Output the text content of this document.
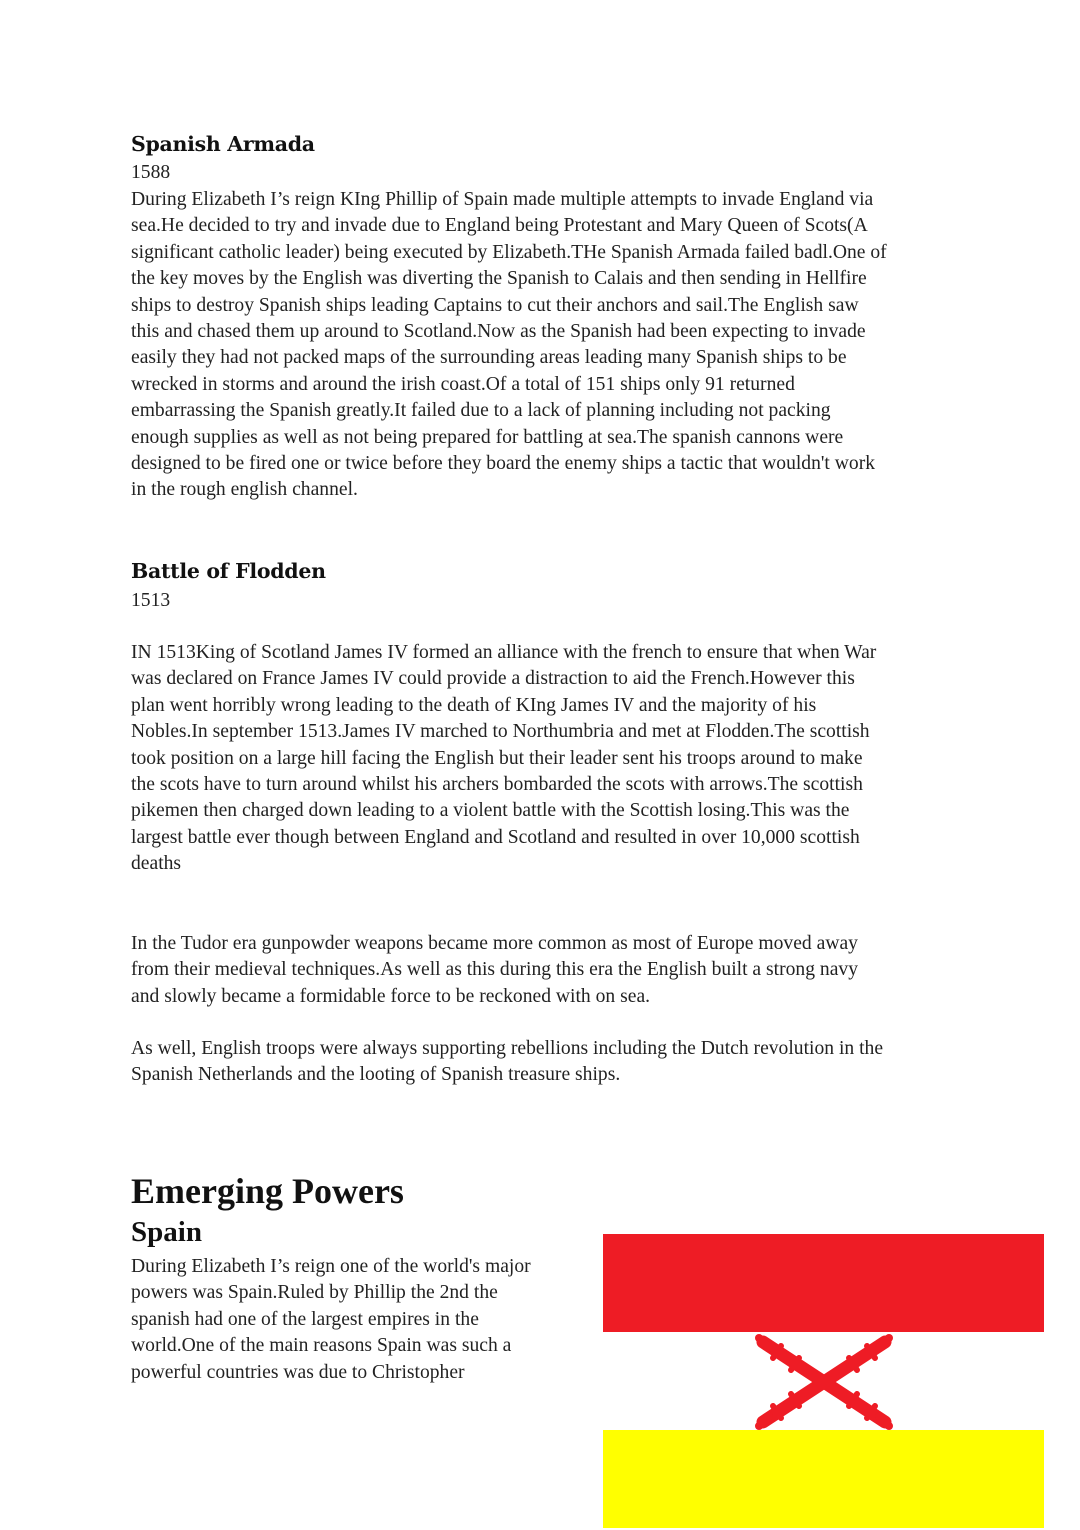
Spanish Armada
1588

During Elizabeth I’s reign KIng Phillip of Spain made multiple attempts to invade England via
sea.He decided to try and invade due to England being Protestant and Mary Queen of Scots(A
significant catholic leader) being executed by Elizabeth.THe Spanish Armada failed badl.One of
the key moves by the English was diverting the Spanish to Calais and then sending in Hellfire
ships to destroy Spanish ships leading Captains to cut their anchors and sail.The English saw
this and chased them up around to Scotland.Now as the Spanish had been expecting to invade
easily they had not packed maps of the surrounding areas leading many Spanish ships to be
wrecked in storms and around the irish coast.Of a total of 151 ships only 91 returned
embarrassing the Spanish greatly.It failed due to a lack of planning including not packing
enough supplies as well as not being prepared for battling at sea.The spanish cannons were
designed to be fired one or twice before they board the enemy ships a tactic that wouldn't work
in the rough english channel.

Battle of Flodden
1513

IN 1513King of Scotland James IV formed an alliance with the french to ensure that when War
was declared on France James IV could provide a distraction to aid the French.However this
plan went horribly wrong leading to the death of KIng James IV and the majority of his
Nobles.In september 1513.James IV marched to Northumbria and met at Flodden.The scottish
took position on a large hill facing the English but their leader sent his troops around to make
the scots have to turn around whilst his archers bombarded the scots with arrows.The scottish
pikemen then charged down leading to a violent battle with the Scottish losing.This was the
largest battle ever though between England and Scotland and resulted in over 10,000 scottish
deaths

In the Tudor era gunpowder weapons became more common as most of Europe moved away
from their medieval techniques.As well as this during this era the English built a strong navy
and slowly became a formidable force to be reckoned with on sea.

As well, English troops were always supporting rebellions including the Dutch revolution in the
Spanish Netherlands and the looting of Spanish treasure ships.

Emerging Powers
Spain

During Elizabeth I’s reign one of the world's major
powers was Spain.Ruled by Phillip the 2nd the
spanish had one of the largest empires in the
world.One of the main reasons Spain was such a
powerful countries was due to Christopher
